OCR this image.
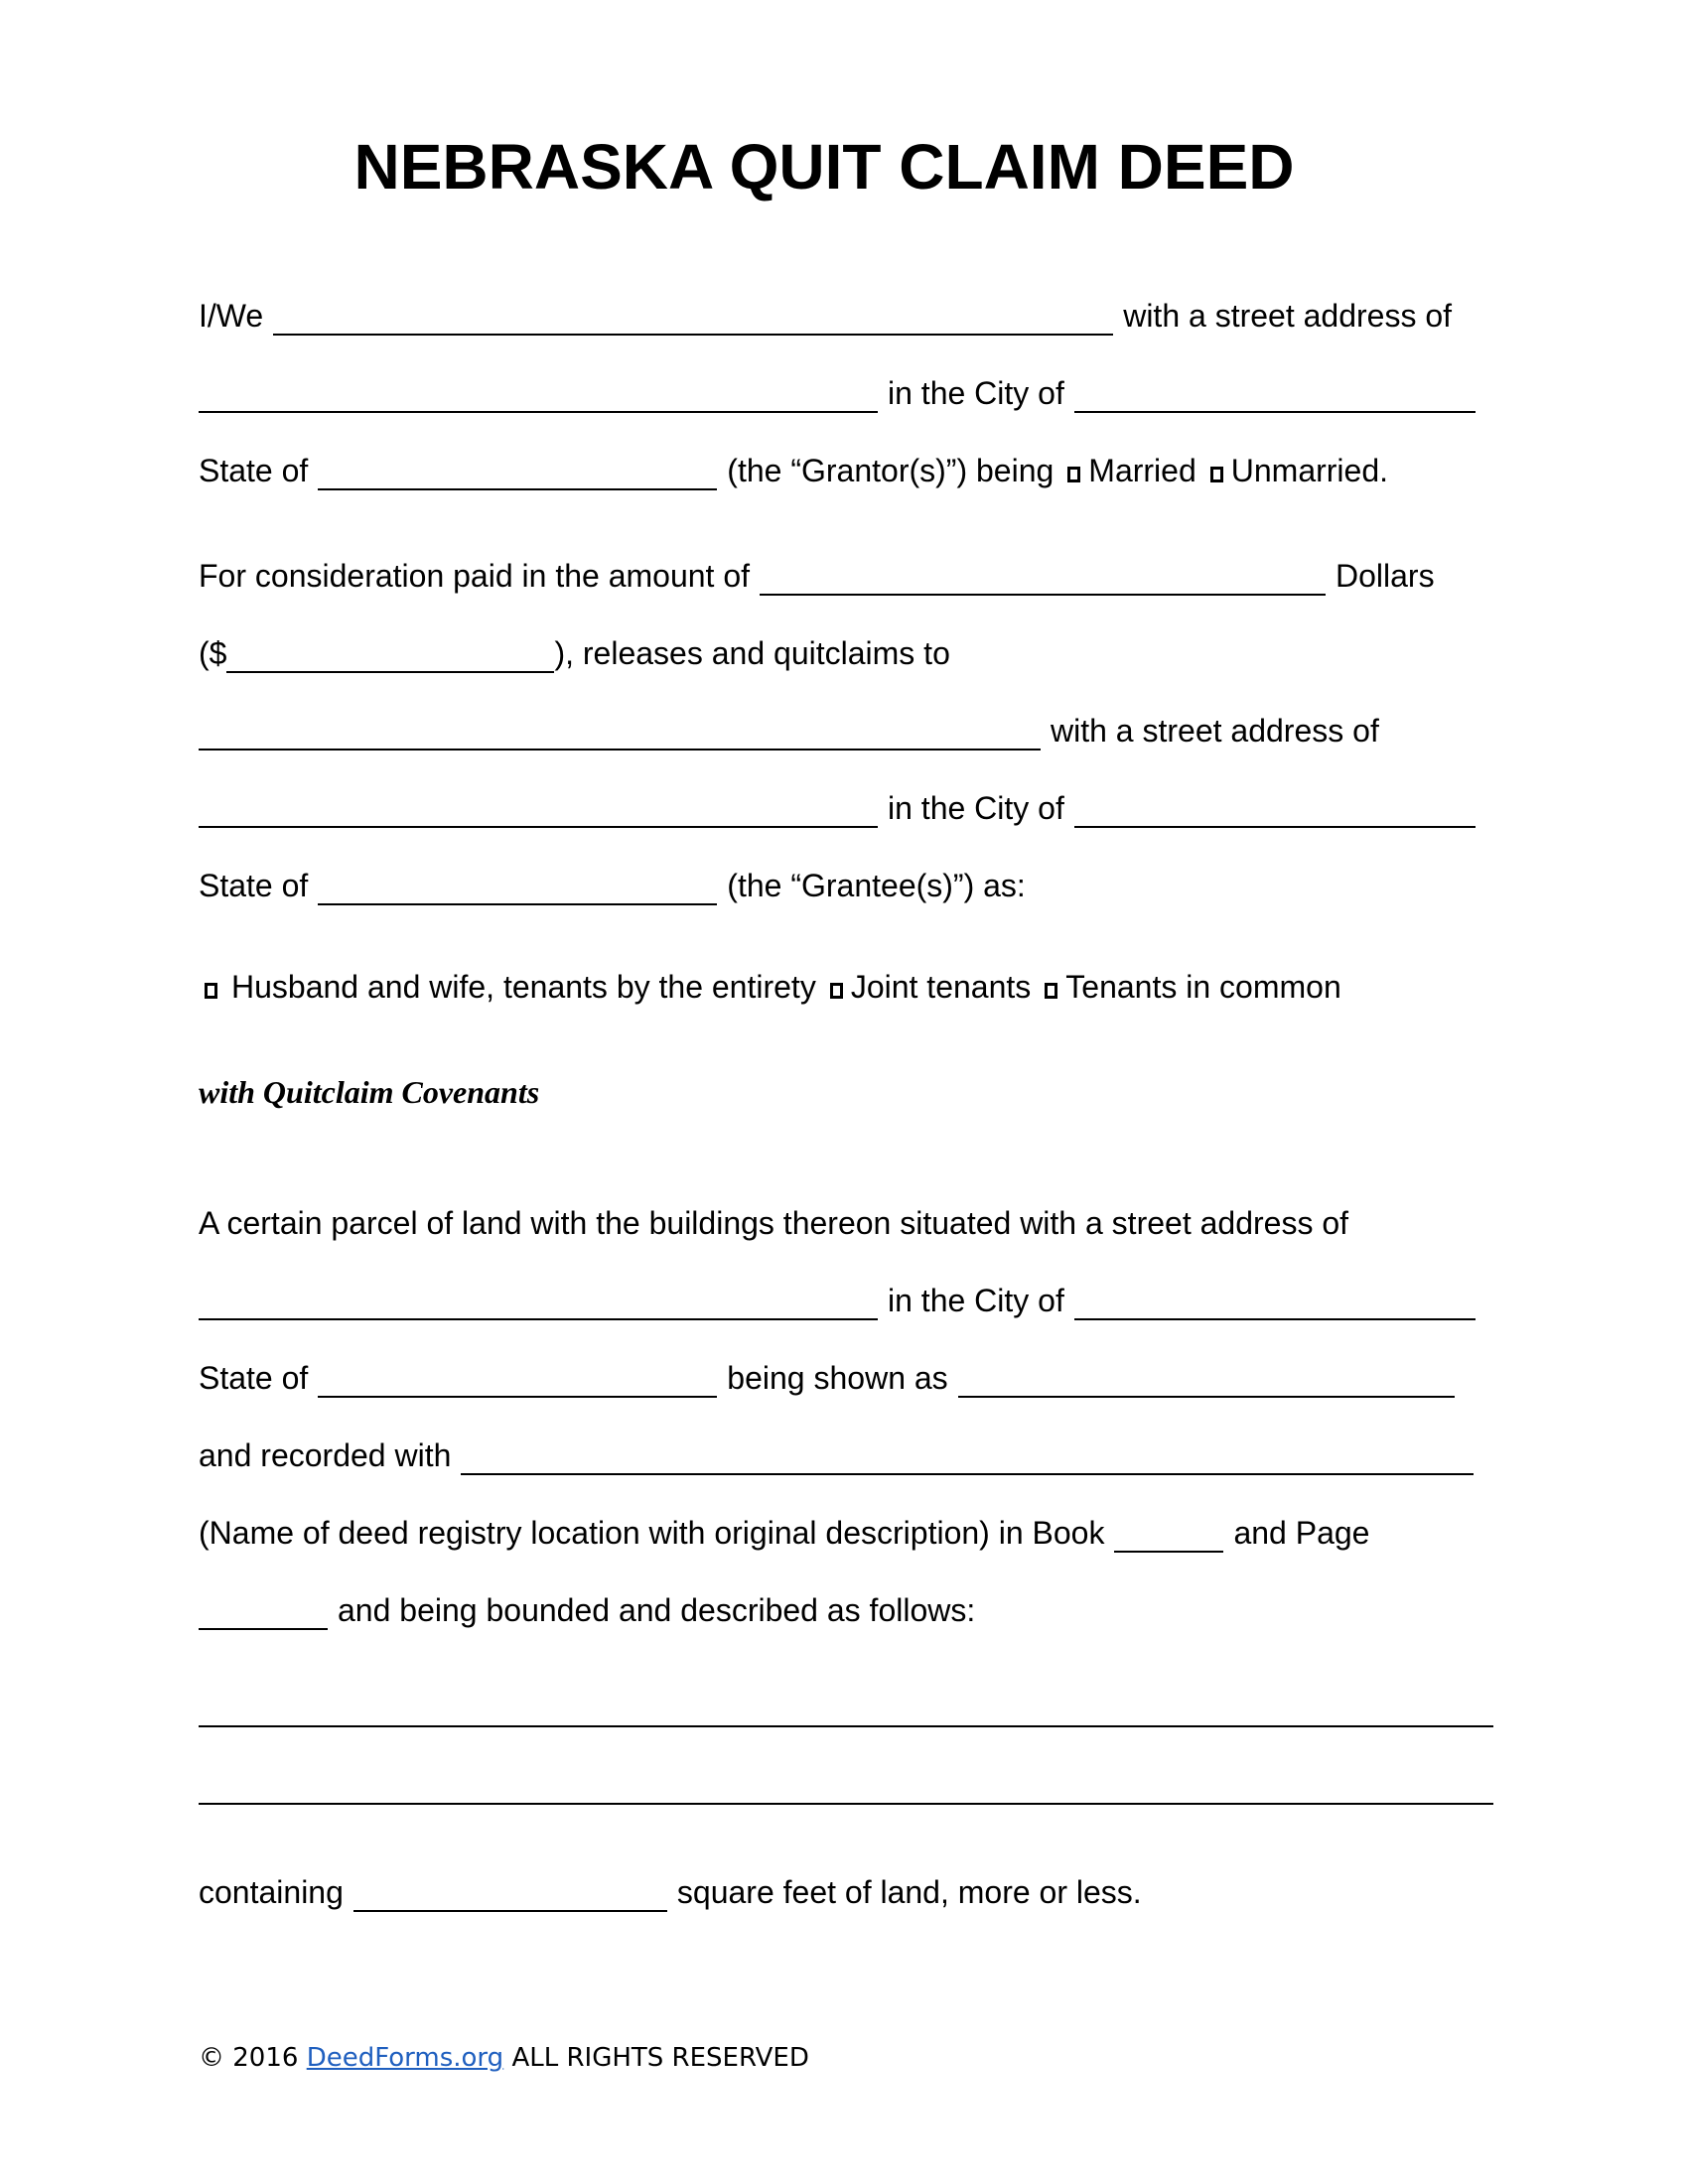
NEBRASKA QUIT CLAIM DEED
I/We	with a street address of
in the City of
State of	(the “Grantor(s)”) being Married Unmarried.
For consideration paid in the amount of	Dollars
($	), releases and quitclaims to
with a street address of
in the City of
State of	(the “Grantee(s)”) as:
Husband and wife, tenants by the entirety Joint tenants Tenants in common
with Quitclaim Covenants
A certain parcel of land with the buildings thereon situated with a street address of
in the City of
State of	being shown as
and recorded with
(Name of deed registry location with original description) in Book	and Page
and being bounded and described as follows:
containing	square feet of land, more or less.
© 2016 DeedForms.org ALL RIGHTS RESERVED
